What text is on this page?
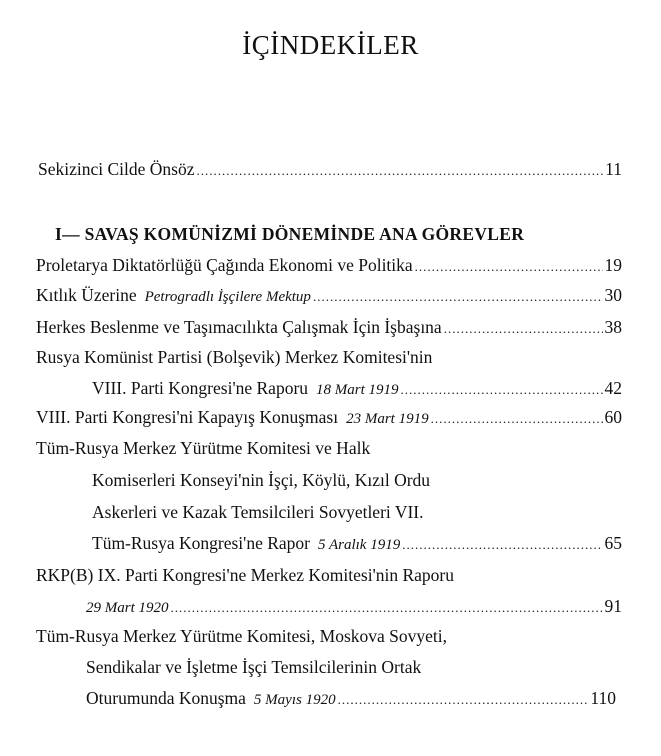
İÇİNDEKİLER
Sekizinci Cilde Önsöz .....	11
I— SAVAŞ KOMÜNİZMİ DÖNEMİNDE ANA GÖREVLER
Proletarya Diktatörlüğü Çağında Ekonomi ve Politika .....	19
Kıtlık Üzerine Petrogradlı İşçilere Mektup .....	30
Herkes Beslenme ve Taşımacılıkta Çalışmak İçin İşbaşına .....	38
Rusya Komünist Partisi (Bolşevik) Merkez Komitesi'nin
VIII. Parti Kongresi'ne Raporu 18 Mart 1919 .....	42
VIII. Parti Kongresi'ni Kapayış Konuşması 23 Mart 1919 .....	60
Tüm-Rusya Merkez Yürütme Komitesi ve Halk
Komiserleri Konseyi'nin İşçi, Köylü, Kızıl Ordu
Askerleri ve Kazak Temsilcileri Sovyetleri VII.
Tüm-Rusya Kongresi'ne Rapor 5 Aralık 1919 .....	65
RKP(B) IX. Parti Kongresi'ne Merkez Komitesi'nin Raporu
29 Mart 1920 .....	91
Tüm-Rusya Merkez Yürütme Komitesi, Moskova Sovyeti,
Sendikalar ve İşletme İşçi Temsilcilerinin Ortak
Oturumunda Konuşma 5 Mayıs 1920 .....	110
